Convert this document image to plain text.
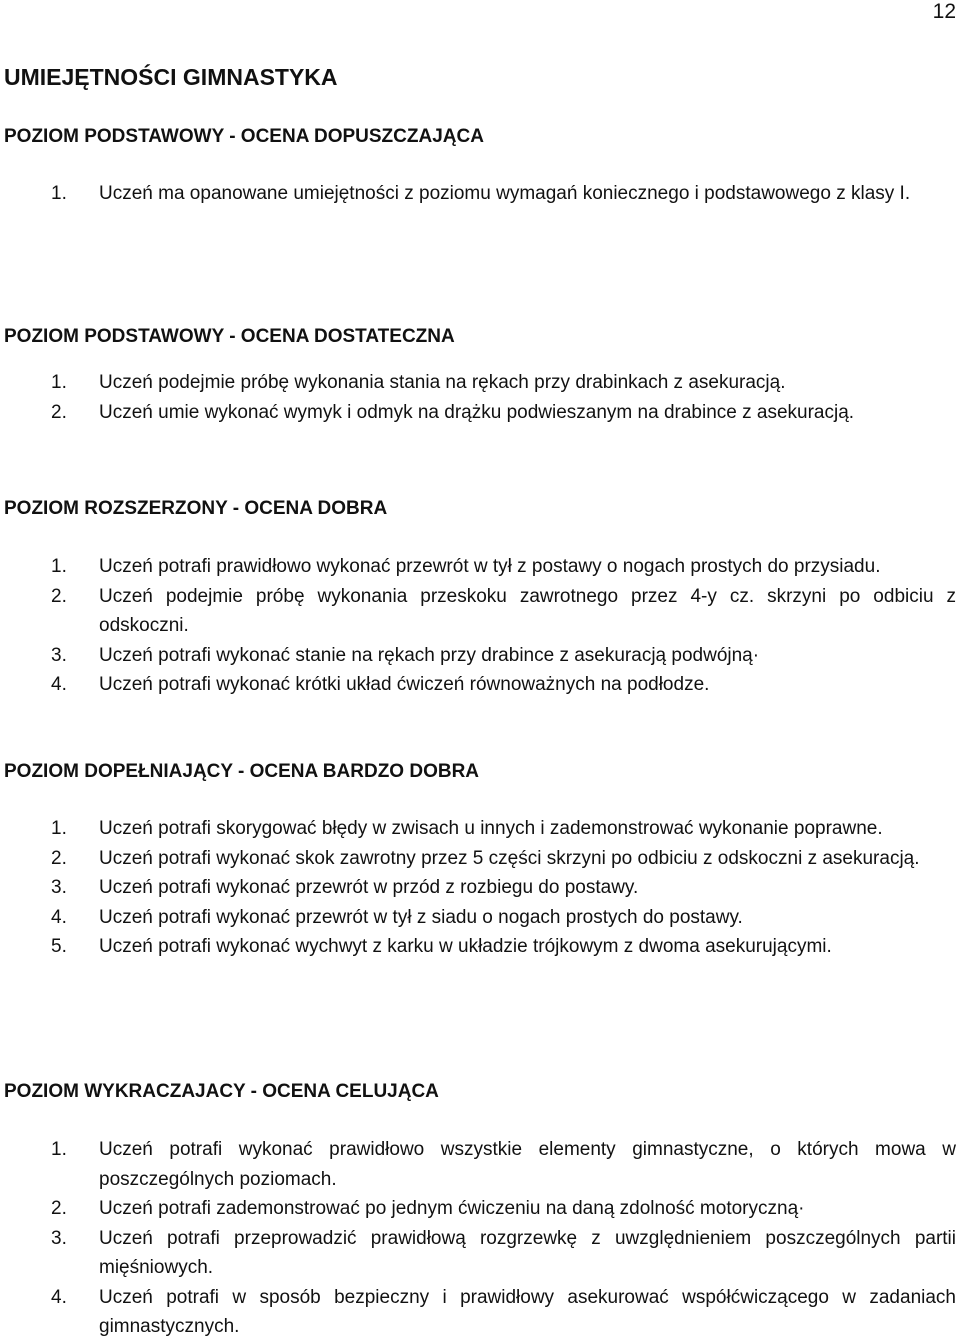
12
UMIEJĘTNOŚCI GIMNASTYKA
POZIOM PODSTAWOWY - OCENA DOPUSZCZAJĄCA
1. Uczeń ma opanowane umiejętności z poziomu wymagań koniecznego i podstawowego z klasy I.
POZIOM PODSTAWOWY - OCENA DOSTATECZNA
1. Uczeń podejmie próbę wykonania stania na rękach przy drabinkach z asekuracją.
2. Uczeń umie wykonać wymyk i odmyk na drążku podwieszanym na drabince z asekuracją.
POZIOM ROZSZERZONY - OCENA DOBRA
1. Uczeń potrafi prawidłowo wykonać przewrót w tył z postawy o nogach prostych do przysiadu.
2. Uczeń podejmie próbę wykonania przeskoku zawrotnego przez 4-y cz. skrzyni po odbiciu z odskoczni.
3. Uczeń potrafi wykonać stanie na rękach przy drabince z asekuracją podwójną·
4. Uczeń potrafi wykonać krótki układ ćwiczeń równoważnych na podłodze.
POZIOM DOPEŁNIAJĄCY - OCENA BARDZO DOBRA
1. Uczeń potrafi skorygować błędy w zwisach u innych i zademonstrować wykonanie poprawne.
2. Uczeń potrafi wykonać skok zawrotny przez 5 części skrzyni po odbiciu z odskoczni z asekuracją.
3. Uczeń potrafi wykonać przewrót w przód z rozbiegu do postawy.
4. Uczeń potrafi wykonać przewrót w tył z siadu o nogach prostych do postawy.
5. Uczeń potrafi wykonać wychwyt z karku w układzie trójkowym z dwoma asekurującymi.
POZIOM WYKRACZAJACY - OCENA CELUJĄCA
1. Uczeń potrafi wykonać prawidłowo wszystkie elementy gimnastyczne, o których mowa w poszczególnych poziomach.
2. Uczeń potrafi zademonstrować po jednym ćwiczeniu na daną zdolność motoryczną·
3. Uczeń potrafi przeprowadzić prawidłową rozgrzewkę z uwzględnieniem poszczególnych partii mięśniowych.
4. Uczeń potrafi w sposób bezpieczny i prawidłowy asekurować współćwiczącego w zadaniach gimnastycznych.
